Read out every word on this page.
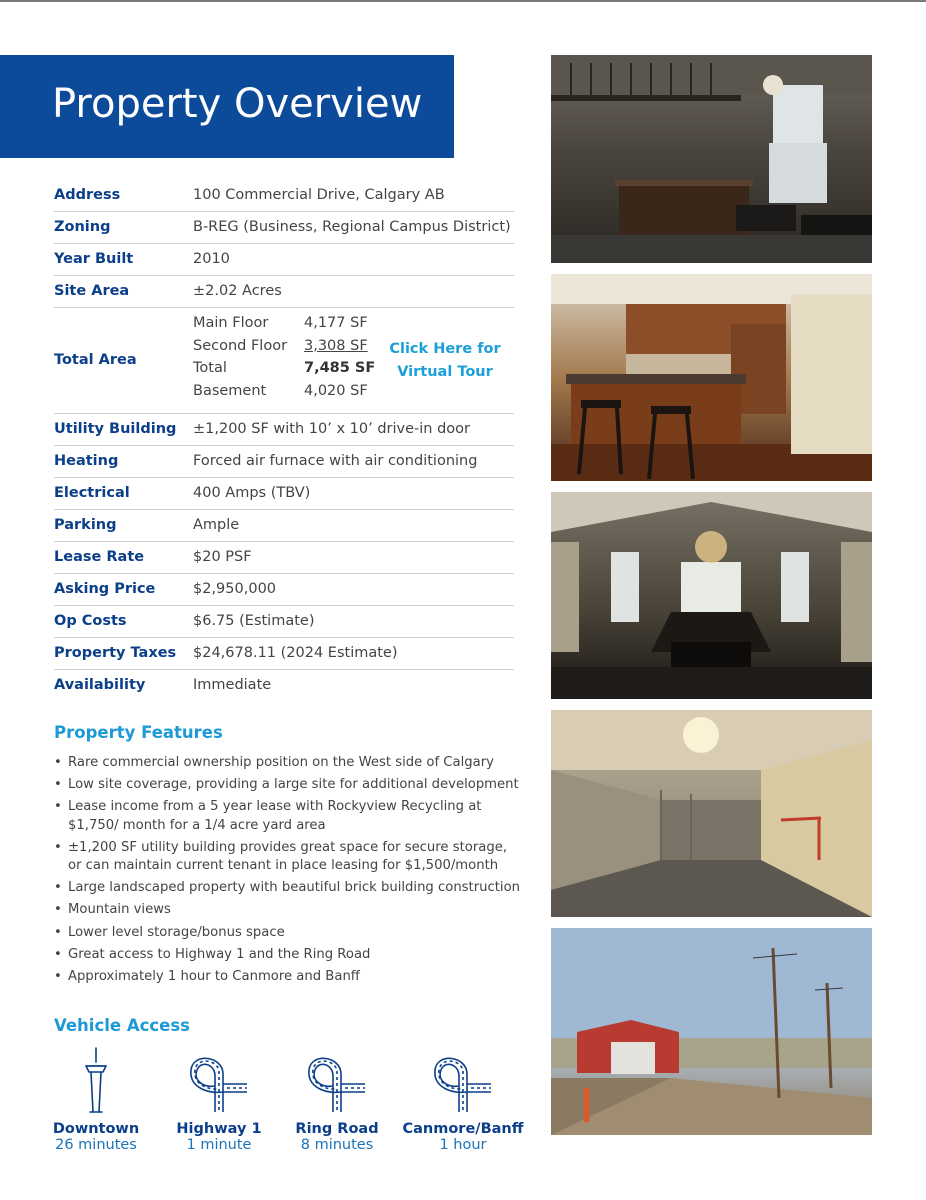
Property Overview
Address	100 Commercial Drive, Calgary AB
Zoning	B-REG (Business, Regional Campus District)
Year Built	2010
Site Area	±2.02 Acres
Total Area
Main Floor 4,177 SF
Second Floor 3,308 SF
Total	7,485 SF
Basement	4,020 SF
Click Here for
Virtual Tour
Utility Building ±1,200 SF with 10’ x 10’ drive-in door
Heating	Forced air furnace with air conditioning
Electrical	400 Amps (TBV)
Parking	Ample
Lease Rate	$20 PSF
Asking Price	$2,950,000
Op Costs	$6.75 (Estimate)
Property Taxes $24,678.11 (2024 Estimate)
Availability	Immediate
Property Features
• Rare commercial ownership position on the West side of Calgary
• Low site coverage, providing a large site for additional development
• Lease income from a 5 year lease with Rockyview Recycling at $1,750/ month for a 1/4 acre yard area
• ±1,200 SF utility building provides great space for secure storage, or can maintain current tenant in place leasing for $1,500/month
• Large landscaped property with beautiful brick building construction
• Mountain views
• Lower level storage/bonus space
• Great access to Highway 1 and the Ring Road
• Approximately 1 hour to Canmore and Banff
Vehicle Access
Downtown
26 minutes
Highway 1
1 minute
Ring Road
8 minutes
Canmore/Banff
1 hour
